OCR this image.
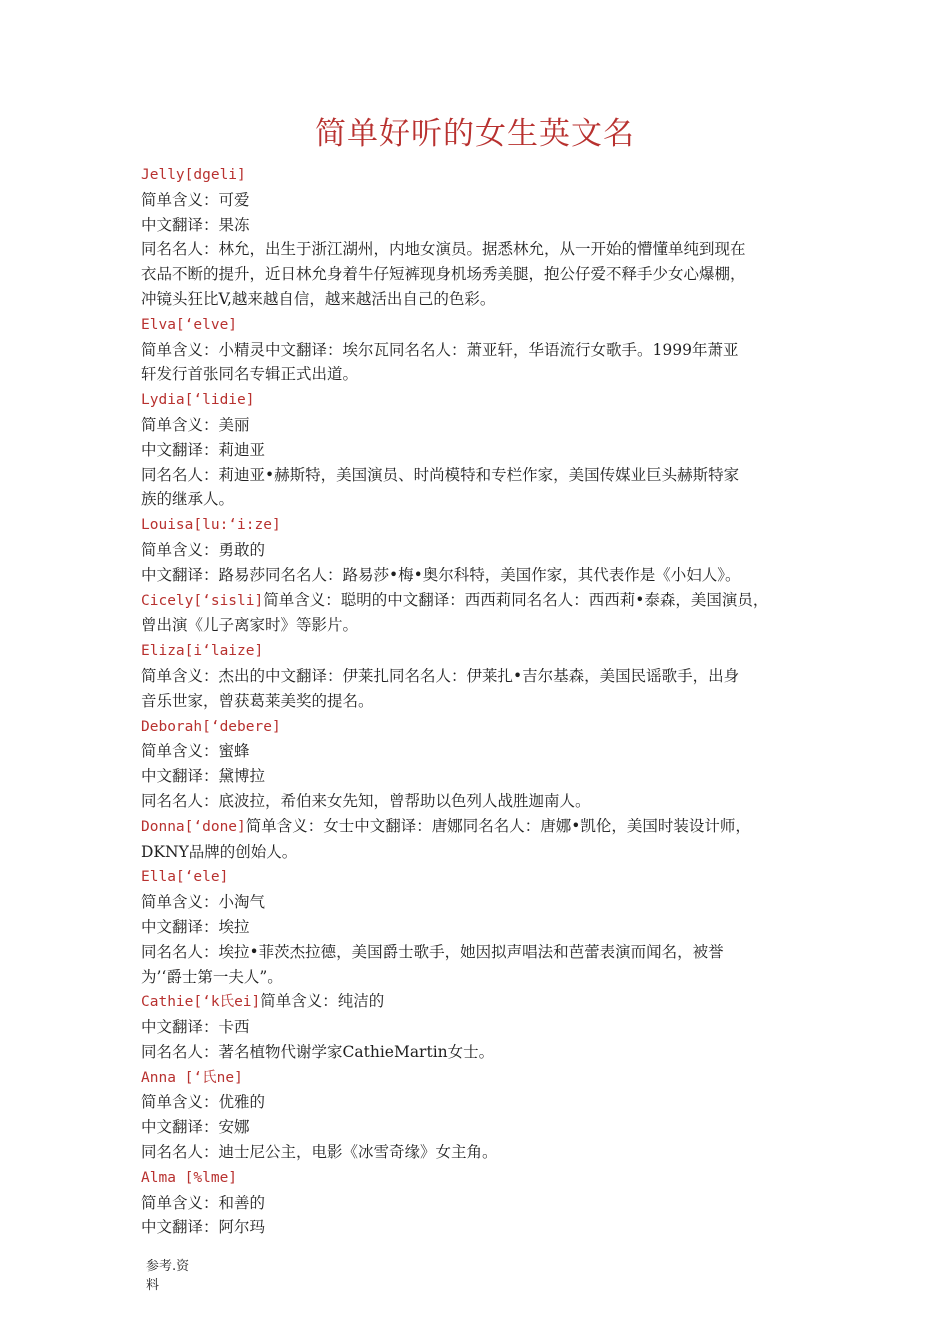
简单好听的女生英文名
Jelly[dgeli]
简单含义：可爱
中文翻译：果冻
同名名人：林允，出生于浙江湖州，内地女演员。据悉林允，从一开始的懵懂单纯到现在
衣品不断的提升，近日林允身着牛仔短裤现身机场秀美腿，抱公仔爱不释手少女心爆棚，
冲镜头狂比V,越来越自信，越来越活出自己的色彩。
Elva[‘elve]
简单含义：小精灵中文翻译：埃尔瓦同名名人：萧亚轩，华语流行女歌手。1999年萧亚
轩发行首张同名专辑正式出道。
Lydia[‘lidie]
简单含义：美丽
中文翻译：莉迪亚
同名名人：莉迪亚•赫斯特，美国演员、时尚模特和专栏作家，美国传媒业巨头赫斯特家
族的继承人。
Louisa[lu:‘i:ze]
简单含义：勇敢的
中文翻译：路易莎同名名人：路易莎•梅•奥尔科特，美国作家，其代表作是《小妇人》。
Cicely[‘sisli]简单含义：聪明的中文翻译：西西莉同名名人：西西莉•泰森，美国演员，
曾出演《儿子离家时》等影片。
Eliza[i‘laize]
简单含义：杰出的中文翻译：伊莱扎同名名人：伊莱扎•吉尔基森，美国民谣歌手，出身
音乐世家，曾获葛莱美奖的提名。
Deborah[‘debere]
简单含义：蜜蜂
中文翻译：黛博拉
同名名人：底波拉，希伯来女先知，曾帮助以色列人战胜迦南人。
Donna[‘done]简单含义：女士中文翻译：唐娜同名名人：唐娜•凯伦，美国时装设计师，
DKNY品牌的创始人。
Ella[‘ele]
简单含义：小淘气
中文翻译：埃拉
同名名人：埃拉•菲茨杰拉德，美国爵士歌手，她因拟声唱法和芭蕾表演而闻名，被誉
为’‘爵士第一夫人”。
Cathie[‘k氏ei]简单含义：纯洁的
中文翻译：卡西
同名名人：著名植物代谢学家CathieMartin女士。
Anna [‘氏ne]
简单含义：优雅的
中文翻译：安娜
同名名人：迪士尼公主，电影《冰雪奇缘》女主角。
Alma [%lme]
简单含义：和善的
中文翻译：阿尔玛
参考.资
料
